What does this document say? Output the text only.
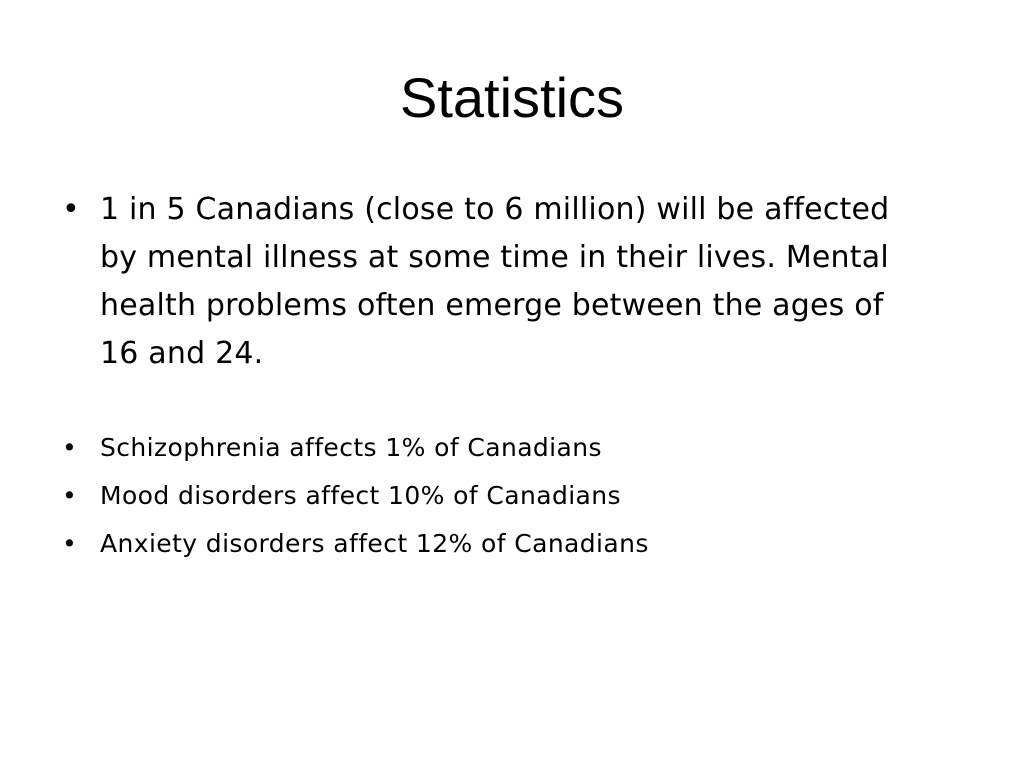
Statistics
• 1 in 5 Canadians (close to 6 million) will be affected by mental illness at some time in their lives. Mental health problems often emerge between the ages of 16 and 24.
• Schizophrenia affects 1% of Canadians
• Mood disorders affect 10% of Canadians
• Anxiety disorders affect 12% of Canadians
